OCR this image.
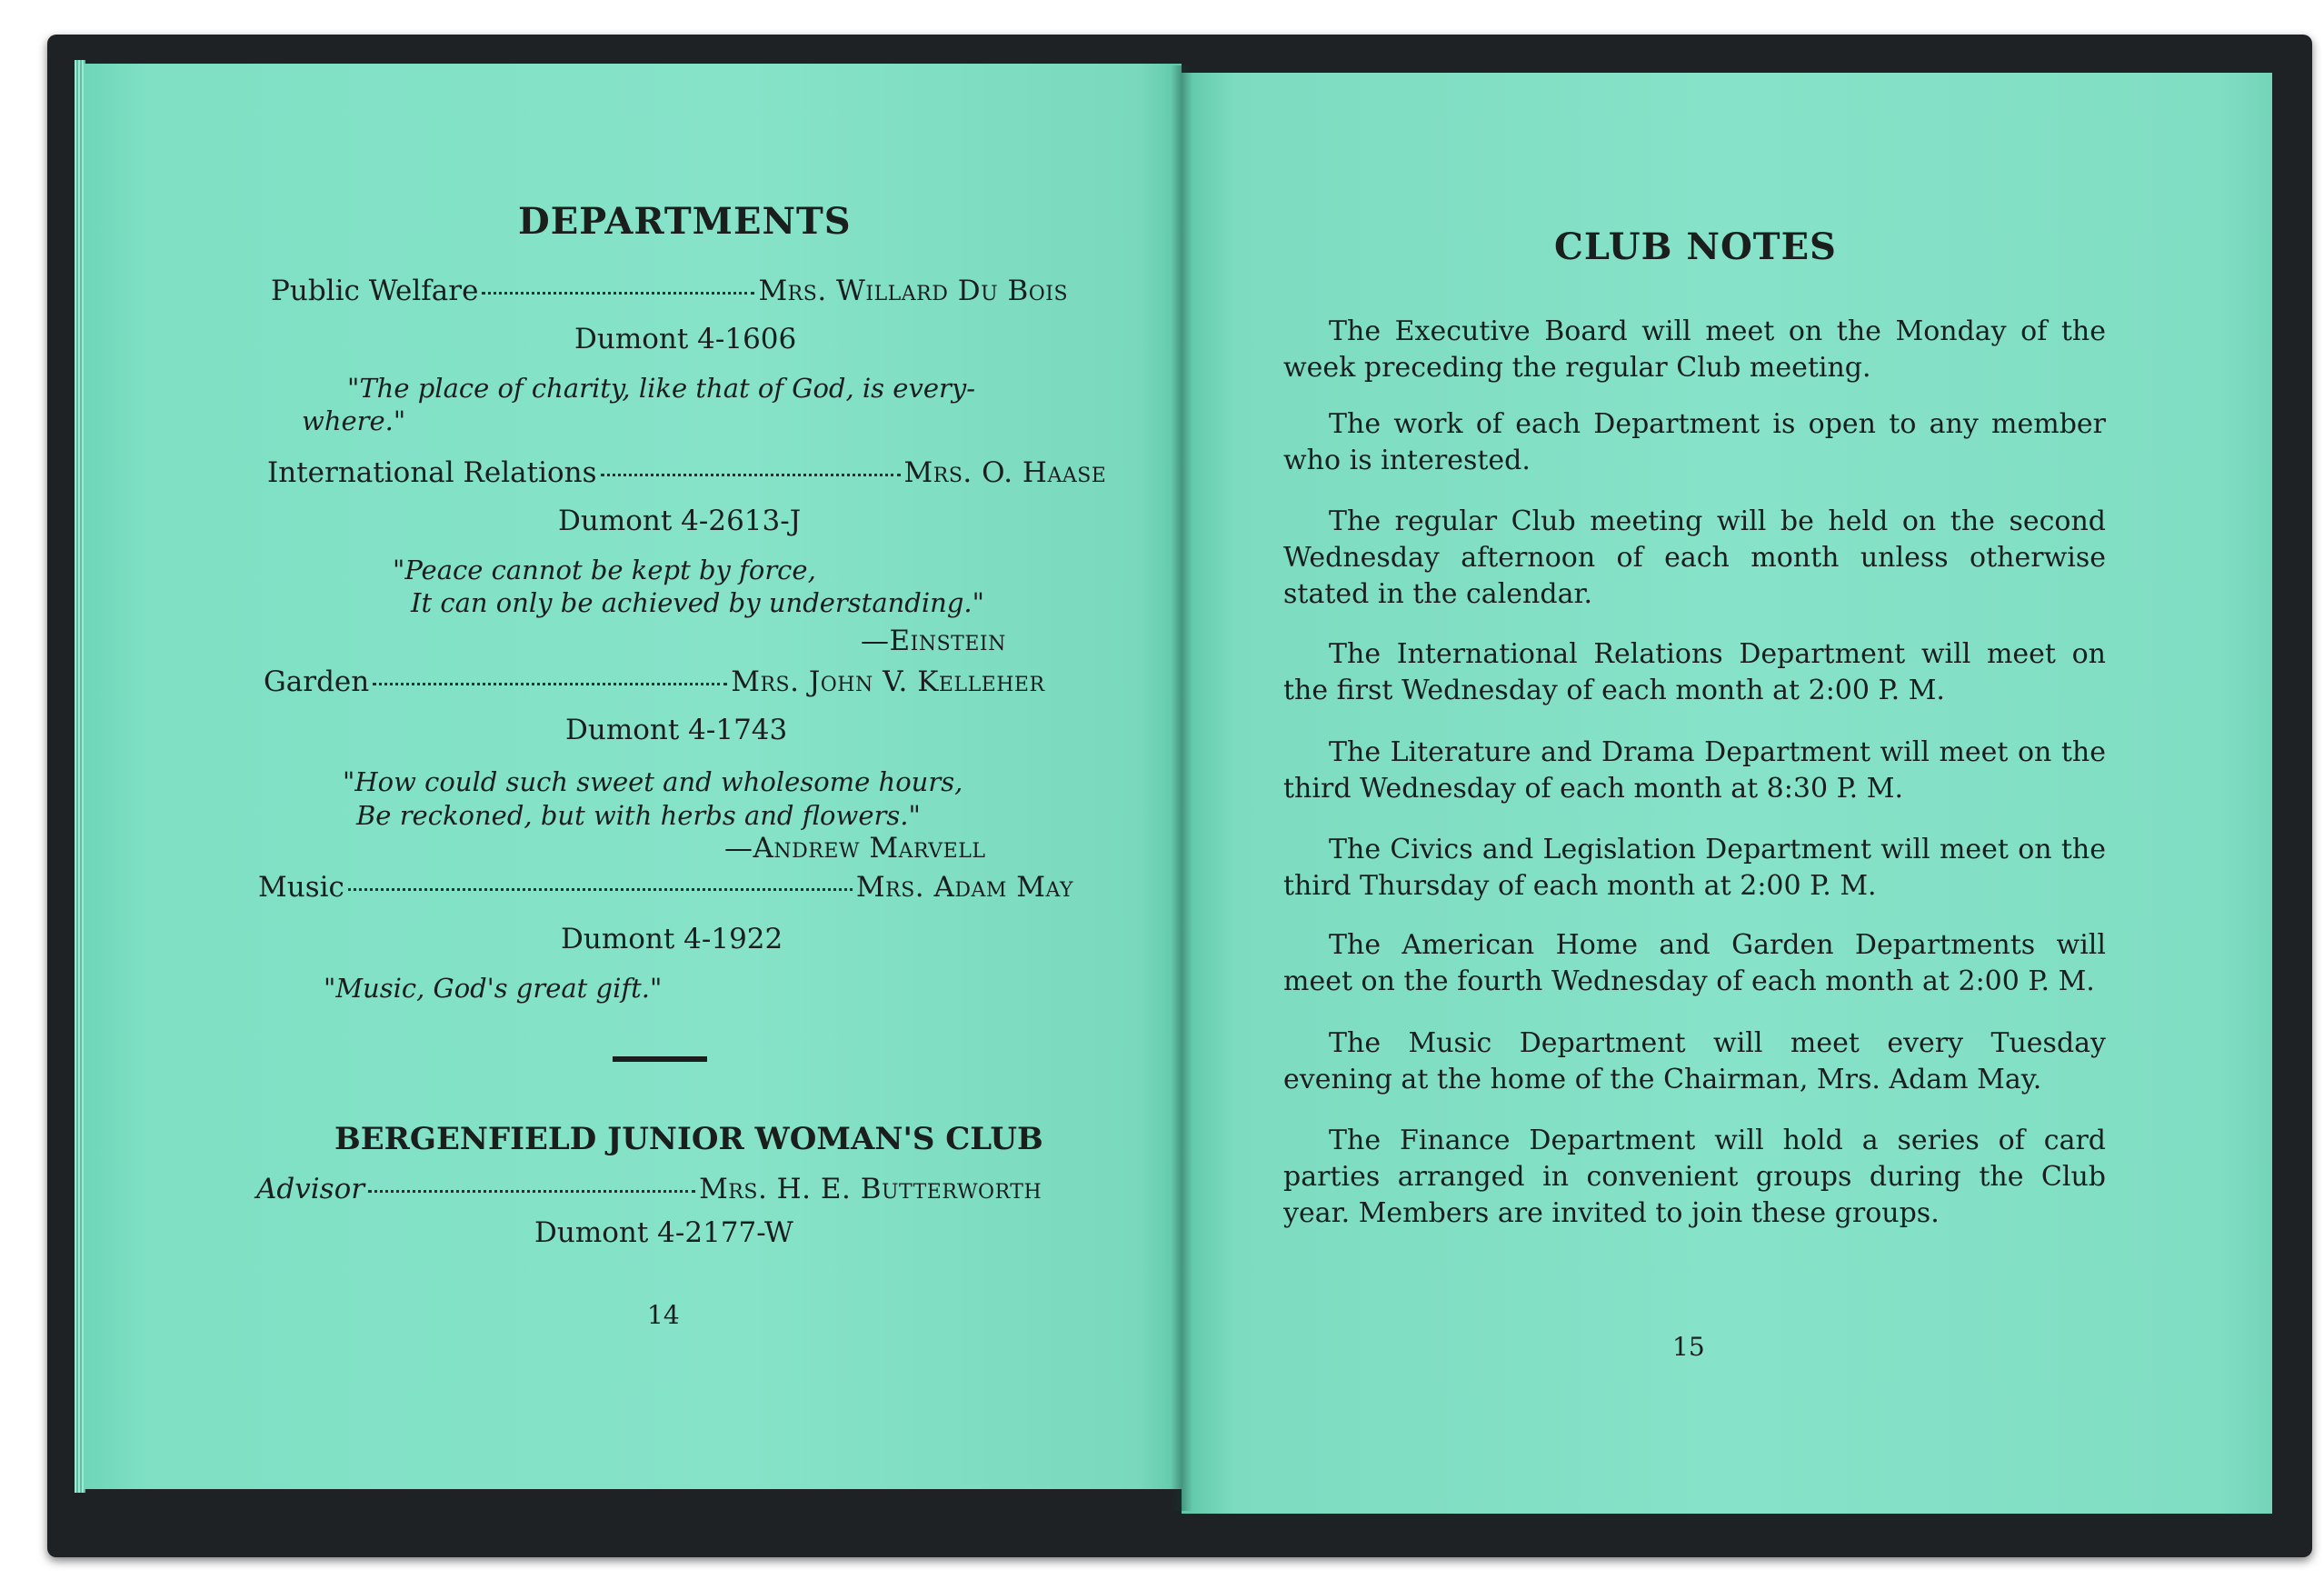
DEPARTMENTS
Public Welfare	Mrs. Willard Du Bois
Dumont 4-1606
"The place of charity, like that of God, is every-
where."
International Relations	Mrs. O. Haase
Dumont 4-2613-J
"Peace cannot be kept by force,
It can only be achieved by understanding."
—Einstein
Garden	Mrs. John V. Kelleher
Dumont 4-1743
"How could such sweet and wholesome hours,
Be reckoned, but with herbs and flowers."
—Andrew Marvell
Music	Mrs. Adam May
Dumont 4-1922
"Music, God's great gift."
BERGENFIELD JUNIOR WOMAN'S CLUB
Advisor	Mrs. H. E. Butterworth
Dumont 4-2177-W
14
CLUB NOTES
The Executive Board will meet on the Monday of the week preceding the regular Club meeting.
The work of each Department is open to any member who is interested.
The regular Club meeting will be held on the second Wednesday afternoon of each month unless otherwise stated in the calendar.
The International Relations Department will meet on the first Wednesday of each month at 2:00 P. M.
The Literature and Drama Department will meet on the third Wednesday of each month at 8:30 P. M.
The Civics and Legislation Department will meet on the third Thursday of each month at 2:00 P. M.
The American Home and Garden Departments will meet on the fourth Wednesday of each month at 2:00 P. M.
The Music Department will meet every Tuesday evening at the home of the Chairman, Mrs. Adam May.
The Finance Department will hold a series of card parties arranged in convenient groups during the Club year. Members are invited to join these groups.
15
